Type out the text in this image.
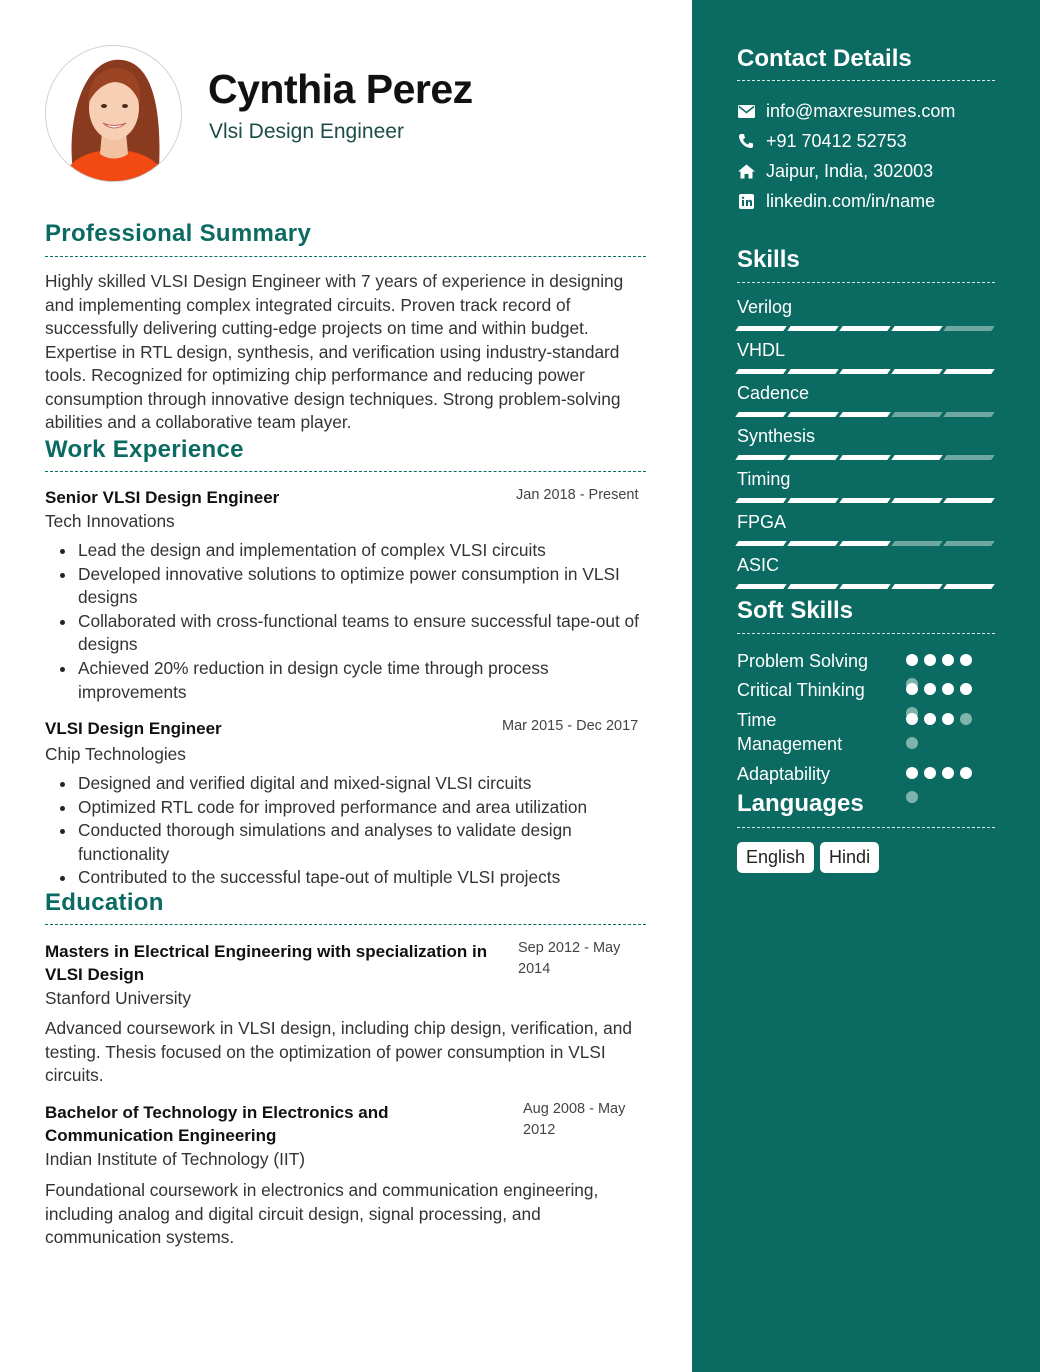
Cynthia Perez
Vlsi Design Engineer
Professional Summary
Highly skilled VLSI Design Engineer with 7 years of experience in designing and implementing complex integrated circuits. Proven track record of successfully delivering cutting-edge projects on time and within budget. Expertise in RTL design, synthesis, and verification using industry-standard tools. Recognized for optimizing chip performance and reducing power consumption through innovative design techniques. Strong problem-solving abilities and a collaborative team player.
Work Experience
Senior VLSI Design Engineer	Jan 2018 - Present
Tech Innovations
Lead the design and implementation of complex VLSI circuits
Developed innovative solutions to optimize power consumption in VLSI designs
Collaborated with cross-functional teams to ensure successful tape-out of designs
Achieved 20% reduction in design cycle time through process improvements
VLSI Design Engineer	Mar 2015 - Dec 2017
Chip Technologies
Designed and verified digital and mixed-signal VLSI circuits
Optimized RTL code for improved performance and area utilization
Conducted thorough simulations and analyses to validate design functionality
Contributed to the successful tape-out of multiple VLSI projects
Education
Masters in Electrical Engineering with specialization in VLSI Design
Sep 2012 - May 2014
Stanford University
Advanced coursework in VLSI design, including chip design, verification, and testing. Thesis focused on the optimization of power consumption in VLSI circuits.
Bachelor of Technology in Electronics and Communication Engineering
Aug 2008 - May 2012
Indian Institute of Technology (IIT)
Foundational coursework in electronics and communication engineering, including analog and digital circuit design, signal processing, and communication systems.
Contact Details
info@maxresumes.com
+91 70412 52753
Jaipur, India, 302003
linkedin.com/in/name
Skills
Verilog
VHDL
Cadence
Synthesis
Timing
FPGA
ASIC
Soft Skills
Problem Solving
Critical Thinking
Time Management
Adaptability
Languages
English	Hindi
